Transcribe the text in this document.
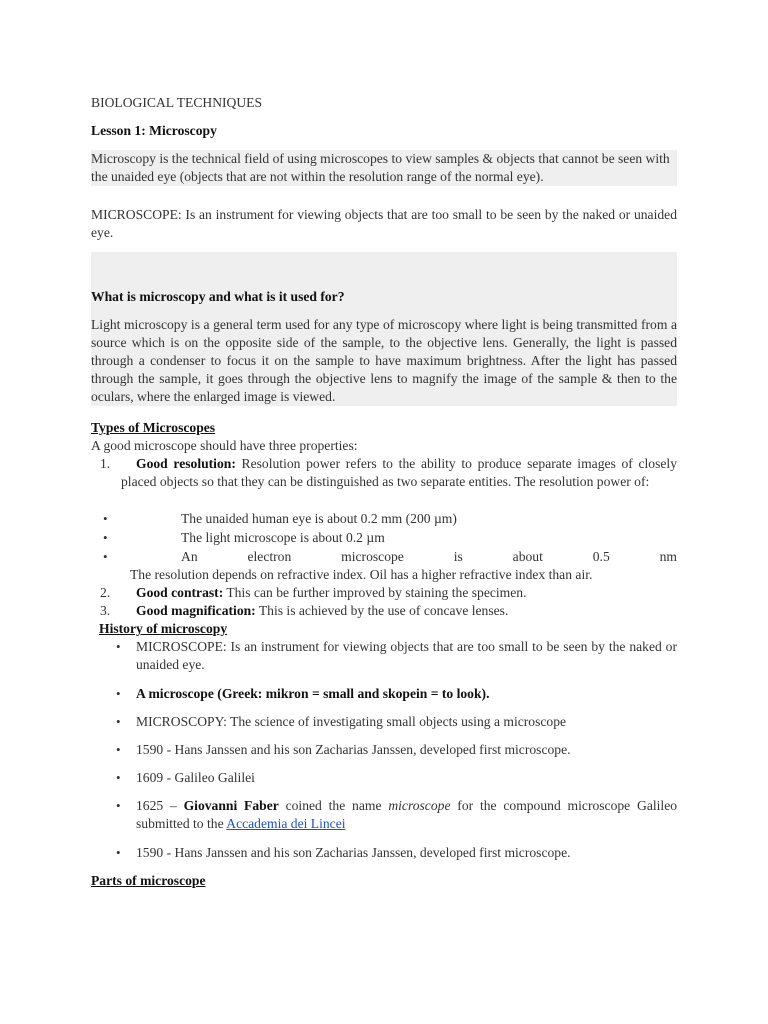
BIOLOGICAL TECHNIQUES
Lesson 1: Microscopy
Microscopy is the technical field of using microscopes to view samples & objects that cannot be seen with the unaided eye (objects that are not within the resolution range of the normal eye).
MICROSCOPE: Is an instrument for viewing objects that are too small to be seen by the naked or unaided eye.
What is microscopy and what is it used for?
Light microscopy is a general term used for any type of microscopy where light is being transmitted from a source which is on the opposite side of the sample, to the objective lens. Generally, the light is passed through a condenser to focus it on the sample to have maximum brightness. After the light has passed through the sample, it goes through the objective lens to magnify the image of the sample & then to the oculars, where the enlarged image is viewed.
Types of Microscopes
A good microscope should have three properties:
1.	Good resolution: Resolution power refers to the ability to produce separate images of closely placed objects so that they can be distinguished as two separate entities. The resolution power of:
•	The unaided human eye is about 0.2 mm (200 µm)
•	The light microscope is about 0.2 µm
•	An electron microscope is about 0.5 nm
The resolution depends on refractive index. Oil has a higher refractive index than air.
2. Good contrast: This can be further improved by staining the specimen.
3. Good magnification: This is achieved by the use of concave lenses.
History of microscopy
• MICROSCOPE: Is an instrument for viewing objects that are too small to be seen by the naked or unaided eye.
• A microscope (Greek: mikron = small and skopein = to look).
• MICROSCOPY: The science of investigating small objects using a microscope
• 1590 - Hans Janssen and his son Zacharias Janssen, developed first microscope.
• 1609 - Galileo Galilei
• 1625 – Giovanni Faber coined the name microscope for the compound microscope Galileo submitted to the Accademia dei Lincei
• 1590 - Hans Janssen and his son Zacharias Janssen, developed first microscope.
Parts of microscope
